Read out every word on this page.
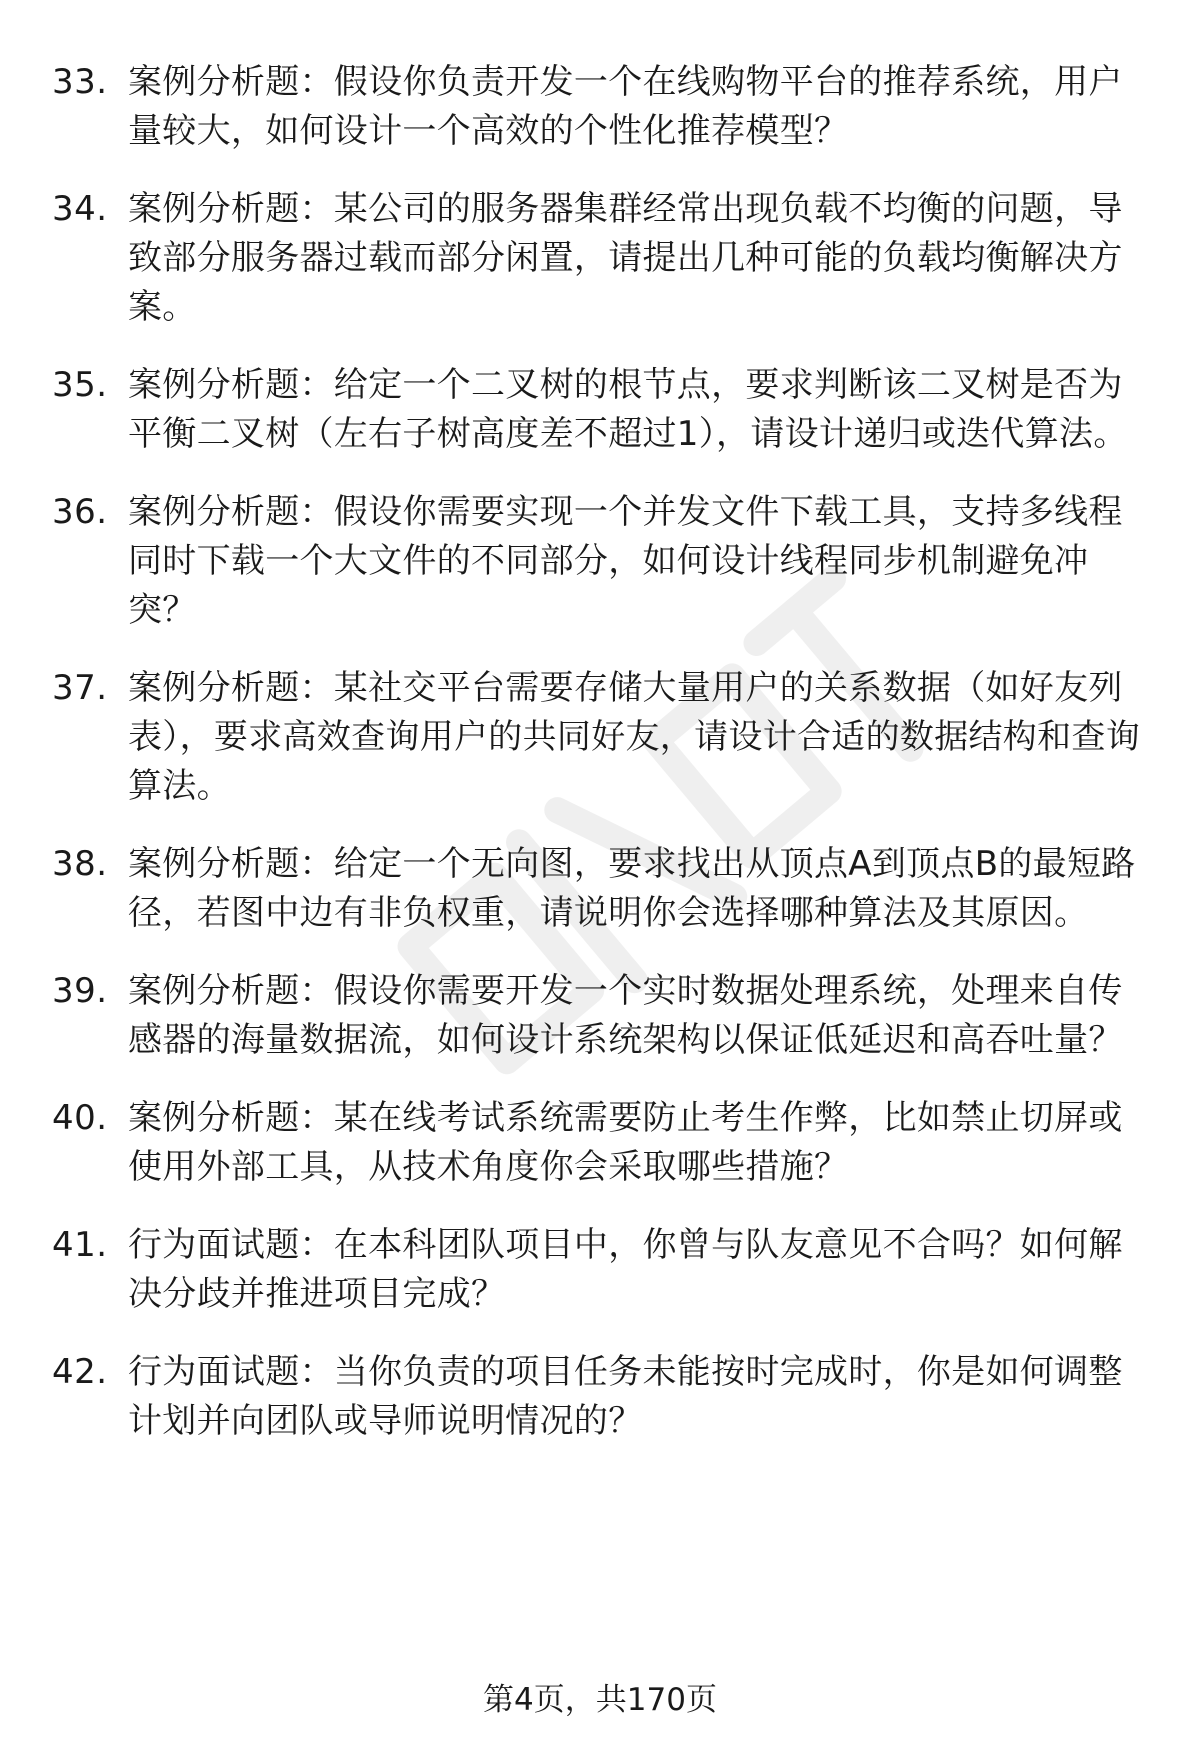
33. 案例分析题：假设你负责开发一个在线购物平台的推荐系统，用户量较大，如何设计一个高效的个性化推荐模型？
34. 案例分析题：某公司的服务器集群经常出现负载不均衡的问题，导致部分服务器过载而部分闲置，请提出几种可能的负载均衡解决方案。
35. 案例分析题：给定一个二叉树的根节点，要求判断该二叉树是否为平衡二叉树（左右子树高度差不超过1），请设计递归或迭代算法。
36. 案例分析题：假设你需要实现一个并发文件下载工具，支持多线程同时下载一个大文件的不同部分，如何设计线程同步机制避免冲突？
37. 案例分析题：某社交平台需要存储大量用户的关系数据（如好友列表），要求高效查询用户的共同好友，请设计合适的数据结构和查询算法。
38. 案例分析题：给定一个无向图，要求找出从顶点A到顶点B的最短路径，若图中边有非负权重，请说明你会选择哪种算法及其原因。
39. 案例分析题：假设你需要开发一个实时数据处理系统，处理来自传感器的海量数据流，如何设计系统架构以保证低延迟和高吞吐量？
40. 案例分析题：某在线考试系统需要防止考生作弊，比如禁止切屏或使用外部工具，从技术角度你会采取哪些措施？
41. 行为面试题：在本科团队项目中，你曾与队友意见不合吗？如何解决分歧并推进项目完成？
42. 行为面试题：当你负责的项目任务未能按时完成时，你是如何调整计划并向团队或导师说明情况的？
第4页，共170页
